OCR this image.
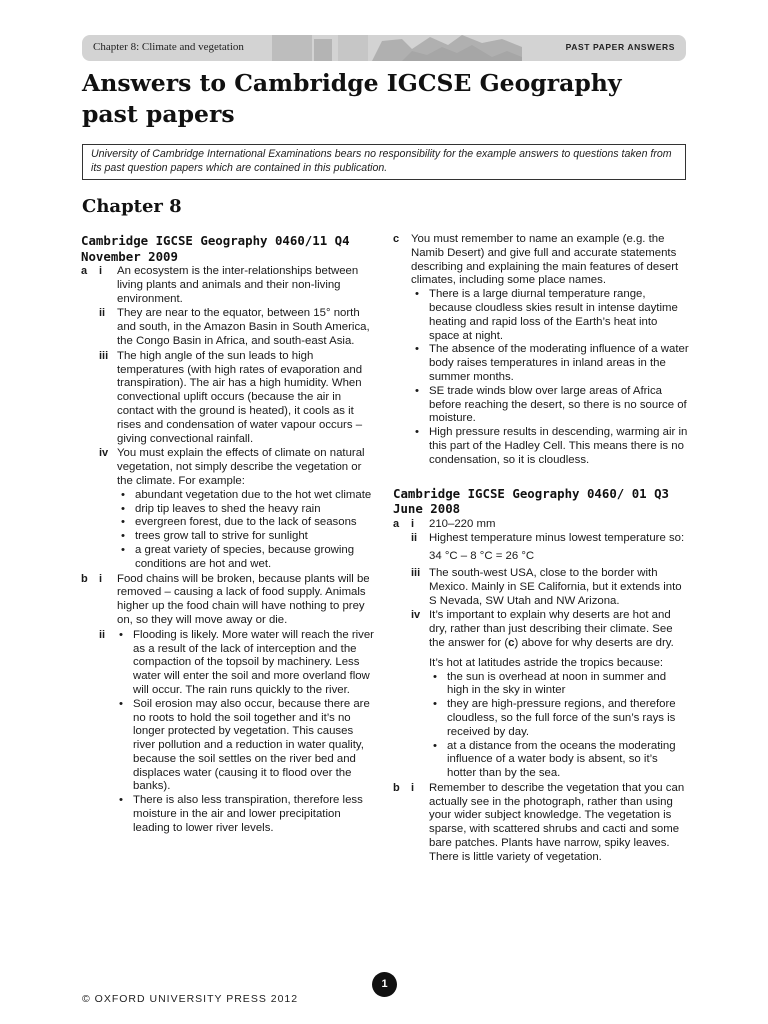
Chapter 8: Climate and vegetation	PAST PAPER ANSWERS
Answers to Cambridge IGCSE Geography past papers
University of Cambridge International Examinations bears no responsibility for the example answers to questions taken from its past question papers which are contained in this publication.
Chapter 8
Cambridge IGCSE Geography 0460/11 Q4 November 2009
a i An ecosystem is the inter-relationships between living plants and animals and their non-living environment.
ii They are near to the equator, between 15° north and south, in the Amazon Basin in South America, the Congo Basin in Africa, and south-east Asia.
iii The high angle of the sun leads to high temperatures (with high rates of evaporation and transpiration). The air has a high humidity. When convectional uplift occurs (because the air in contact with the ground is heated), it cools as it rises and condensation of water vapour occurs – giving convectional rainfall.
iv You must explain the effects of climate on natural vegetation, not simply describe the vegetation or the climate. For example:
• abundant vegetation due to the hot wet climate
• drip tip leaves to shed the heavy rain
• evergreen forest, due to the lack of seasons
• trees grow tall to strive for sunlight
• a great variety of species, because growing conditions are hot and wet.
b i Food chains will be broken, because plants will be removed – causing a lack of food supply. Animals higher up the food chain will have nothing to prey on, so they will move away or die.
ii
•	Flooding is likely. More water will reach the river as a result of the lack of interception and the compaction of the topsoil by machinery. Less water will enter the soil and more overland flow will occur. The rain runs quickly to the river.
• Soil erosion may also occur, because there are no roots to hold the soil together and it’s no longer protected by vegetation. This causes river pollution and a reduction in water quality, because the soil settles on the river bed and displaces water (causing it to flood over the banks).
• There is also less transpiration, therefore less moisture in the air and lower precipitation leading to lower river levels.
c You must remember to name an example (e.g. the Namib Desert) and give full and accurate statements describing and explaining the main features of desert climates, including some place names.
• There is a large diurnal temperature range, because cloudless skies result in intense daytime heating and rapid loss of the Earth’s heat into space at night.
• The absence of the moderating influence of a water body raises temperatures in inland areas in the summer months.
• SE trade winds blow over large areas of Africa before reaching the desert, so there is no source of moisture.
• High pressure results in descending, warming air in this part of the Hadley Cell. This means there is no condensation, so it is cloudless.
Cambridge IGCSE Geography 0460/ 01 Q3 June 2008
a i 210–220 mm
ii Highest temperature minus lowest temperature so:
34 °C – 8 °C = 26 °C
iii The south-west USA, close to the border with Mexico. Mainly in SE California, but it extends into S Nevada, SW Utah and NW Arizona.
iv It’s important to explain why deserts are hot and dry, rather than just describing their climate. See the answer for (c) above for why deserts are dry.
It’s hot at latitudes astride the tropics because:
• the sun is overhead at noon in summer and high in the sky in winter
• they are high-pressure regions, and therefore cloudless, so the full force of the sun’s rays is received by day.
• at a distance from the oceans the moderating influence of a water body is absent, so it’s hotter than by the sea.
b i Remember to describe the vegetation that you can actually see in the photograph, rather than using your wider subject knowledge. The vegetation is sparse, with scattered shrubs and cacti and some bare patches. Plants have narrow, spiky leaves. There is little variety of vegetation.
1
© OXFORD UNIVERSITY PRESS 2012
